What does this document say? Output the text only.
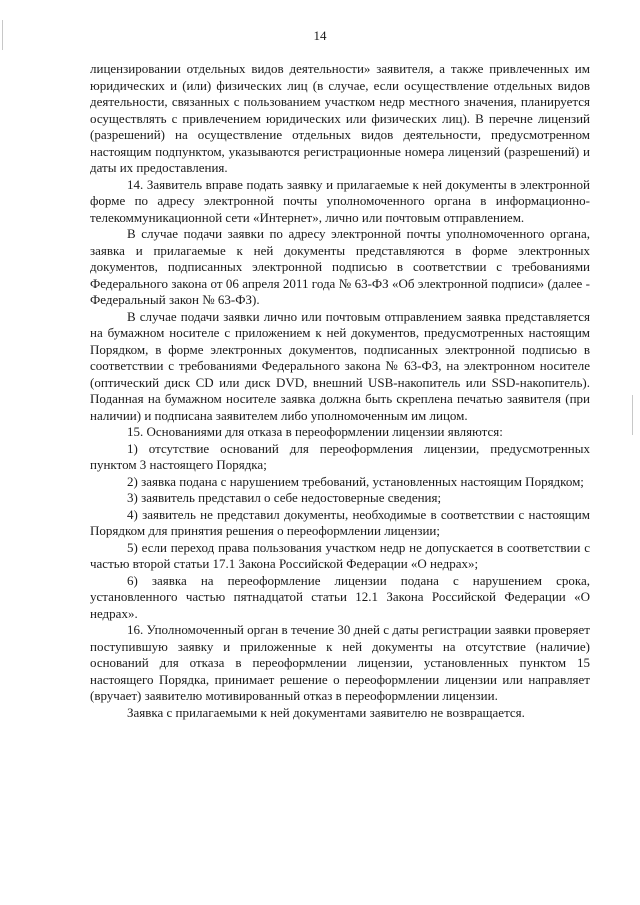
14

лицензировании отдельных видов деятельности» заявителя, а также привлеченных им юридических и (или) физических лиц (в случае, если осуществление отдельных видов деятельности, связанных с пользованием участком недр местного значения, планируется осуществлять с привлечением юридических или физических лиц). В перечне лицензий (разрешений) на осуществление отдельных видов деятельности, предусмотренном настоящим подпунктом, указываются регистрационные номера лицензий (разрешений) и даты их предоставления.

14. Заявитель вправе подать заявку и прилагаемые к ней документы в электронной форме по адресу электронной почты уполномоченного органа в информационно-телекоммуникационной сети «Интернет», лично или почтовым отправлением.

В случае подачи заявки по адресу электронной почты уполномоченного органа, заявка и прилагаемые к ней документы представляются в форме электронных документов, подписанных электронной подписью в соответствии с требованиями Федерального закона от 06 апреля 2011 года № 63-ФЗ «Об электронной подписи» (далее - Федеральный закон № 63-ФЗ).

В случае подачи заявки лично или почтовым отправлением заявка представляется на бумажном носителе с приложением к ней документов, предусмотренных настоящим Порядком, в форме электронных документов, подписанных электронной подписью в соответствии с требованиями Федерального закона № 63-ФЗ, на электронном носителе (оптический диск CD или диск DVD, внешний USB-накопитель или SSD-накопитель). Поданная на бумажном носителе заявка должна быть скреплена печатью заявителя (при наличии) и подписана заявителем либо уполномоченным им лицом.

15. Основаниями для отказа в переоформлении лицензии являются:

1) отсутствие оснований для переоформления лицензии, предусмотренных пунктом 3 настоящего Порядка;

2) заявка подана с нарушением требований, установленных настоящим Порядком;

3) заявитель представил о себе недостоверные сведения;

4) заявитель не представил документы, необходимые в соответствии с настоящим Порядком для принятия решения о переоформлении лицензии;

5) если переход права пользования участком недр не допускается в соответствии с частью второй статьи 17.1 Закона Российской Федерации «О недрах»;

6) заявка на переоформление лицензии подана с нарушением срока, установленного частью пятнадцатой статьи 12.1 Закона Российской Федерации «О недрах».

16. Уполномоченный орган в течение 30 дней с даты регистрации заявки проверяет поступившую заявку и приложенные к ней документы на отсутствие (наличие) оснований для отказа в переоформлении лицензии, установленных пунктом 15 настоящего Порядка, принимает решение о переоформлении лицензии или направляет (вручает) заявителю мотивированный отказ в переоформлении лицензии.

Заявка с прилагаемыми к ней документами заявителю не возвращается.
